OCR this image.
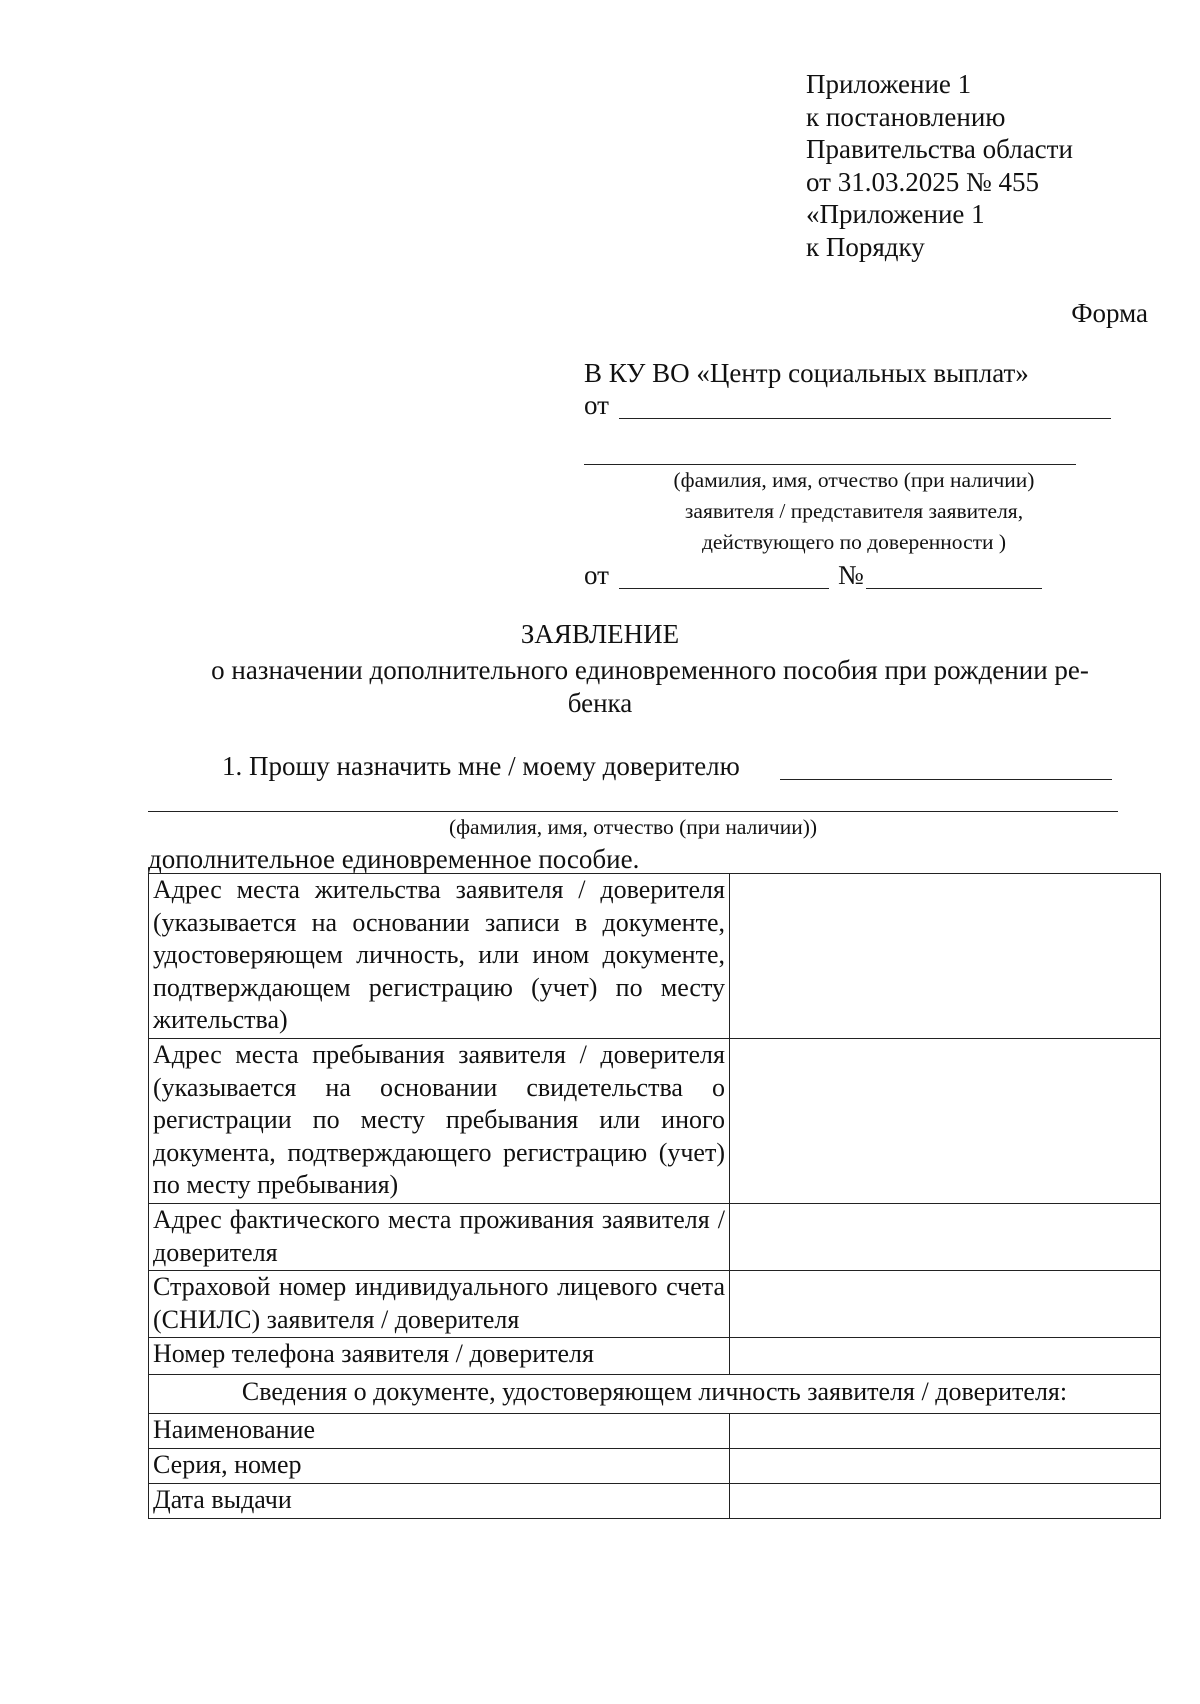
Приложение 1
к постановлению
Правительства области
от 31.03.2025 № 455
«Приложение 1
к Порядку
Форма
В КУ ВО «Центр социальных выплат»
от
(фамилия, имя, отчество (при наличии)
заявителя / представителя заявителя,
действующего по доверенности )
от	№
ЗАЯВЛЕНИЕ
о назначении дополнительного единовременного пособия при рождении ре-
бенка
1. Прошу назначить мне / моему доверителю
(фамилия, имя, отчество (при наличии))
дополнительное единовременное пособие.
Адрес места жительства заявителя / доверителя (указывается на основании записи в документе, удостоверяющем личность, или ином документе, подтверждающем регистрацию (учет) по месту жительства)	
Адрес места пребывания заявителя / доверителя (указывается на основании свидетельства о регистрации по месту пребывания или иного документа, подтверждающего регистрацию (учет) по месту пребывания)	
Адрес фактического места проживания заявителя / доверителя	
Страховой номер индивидуального лицевого счета (СНИЛС) заявителя / доверителя	
Номер телефона заявителя / доверителя	
Сведения о документе, удостоверяющем личность заявителя / доверителя:	
Наименование	
Серия, номер	
Дата выдачи	
